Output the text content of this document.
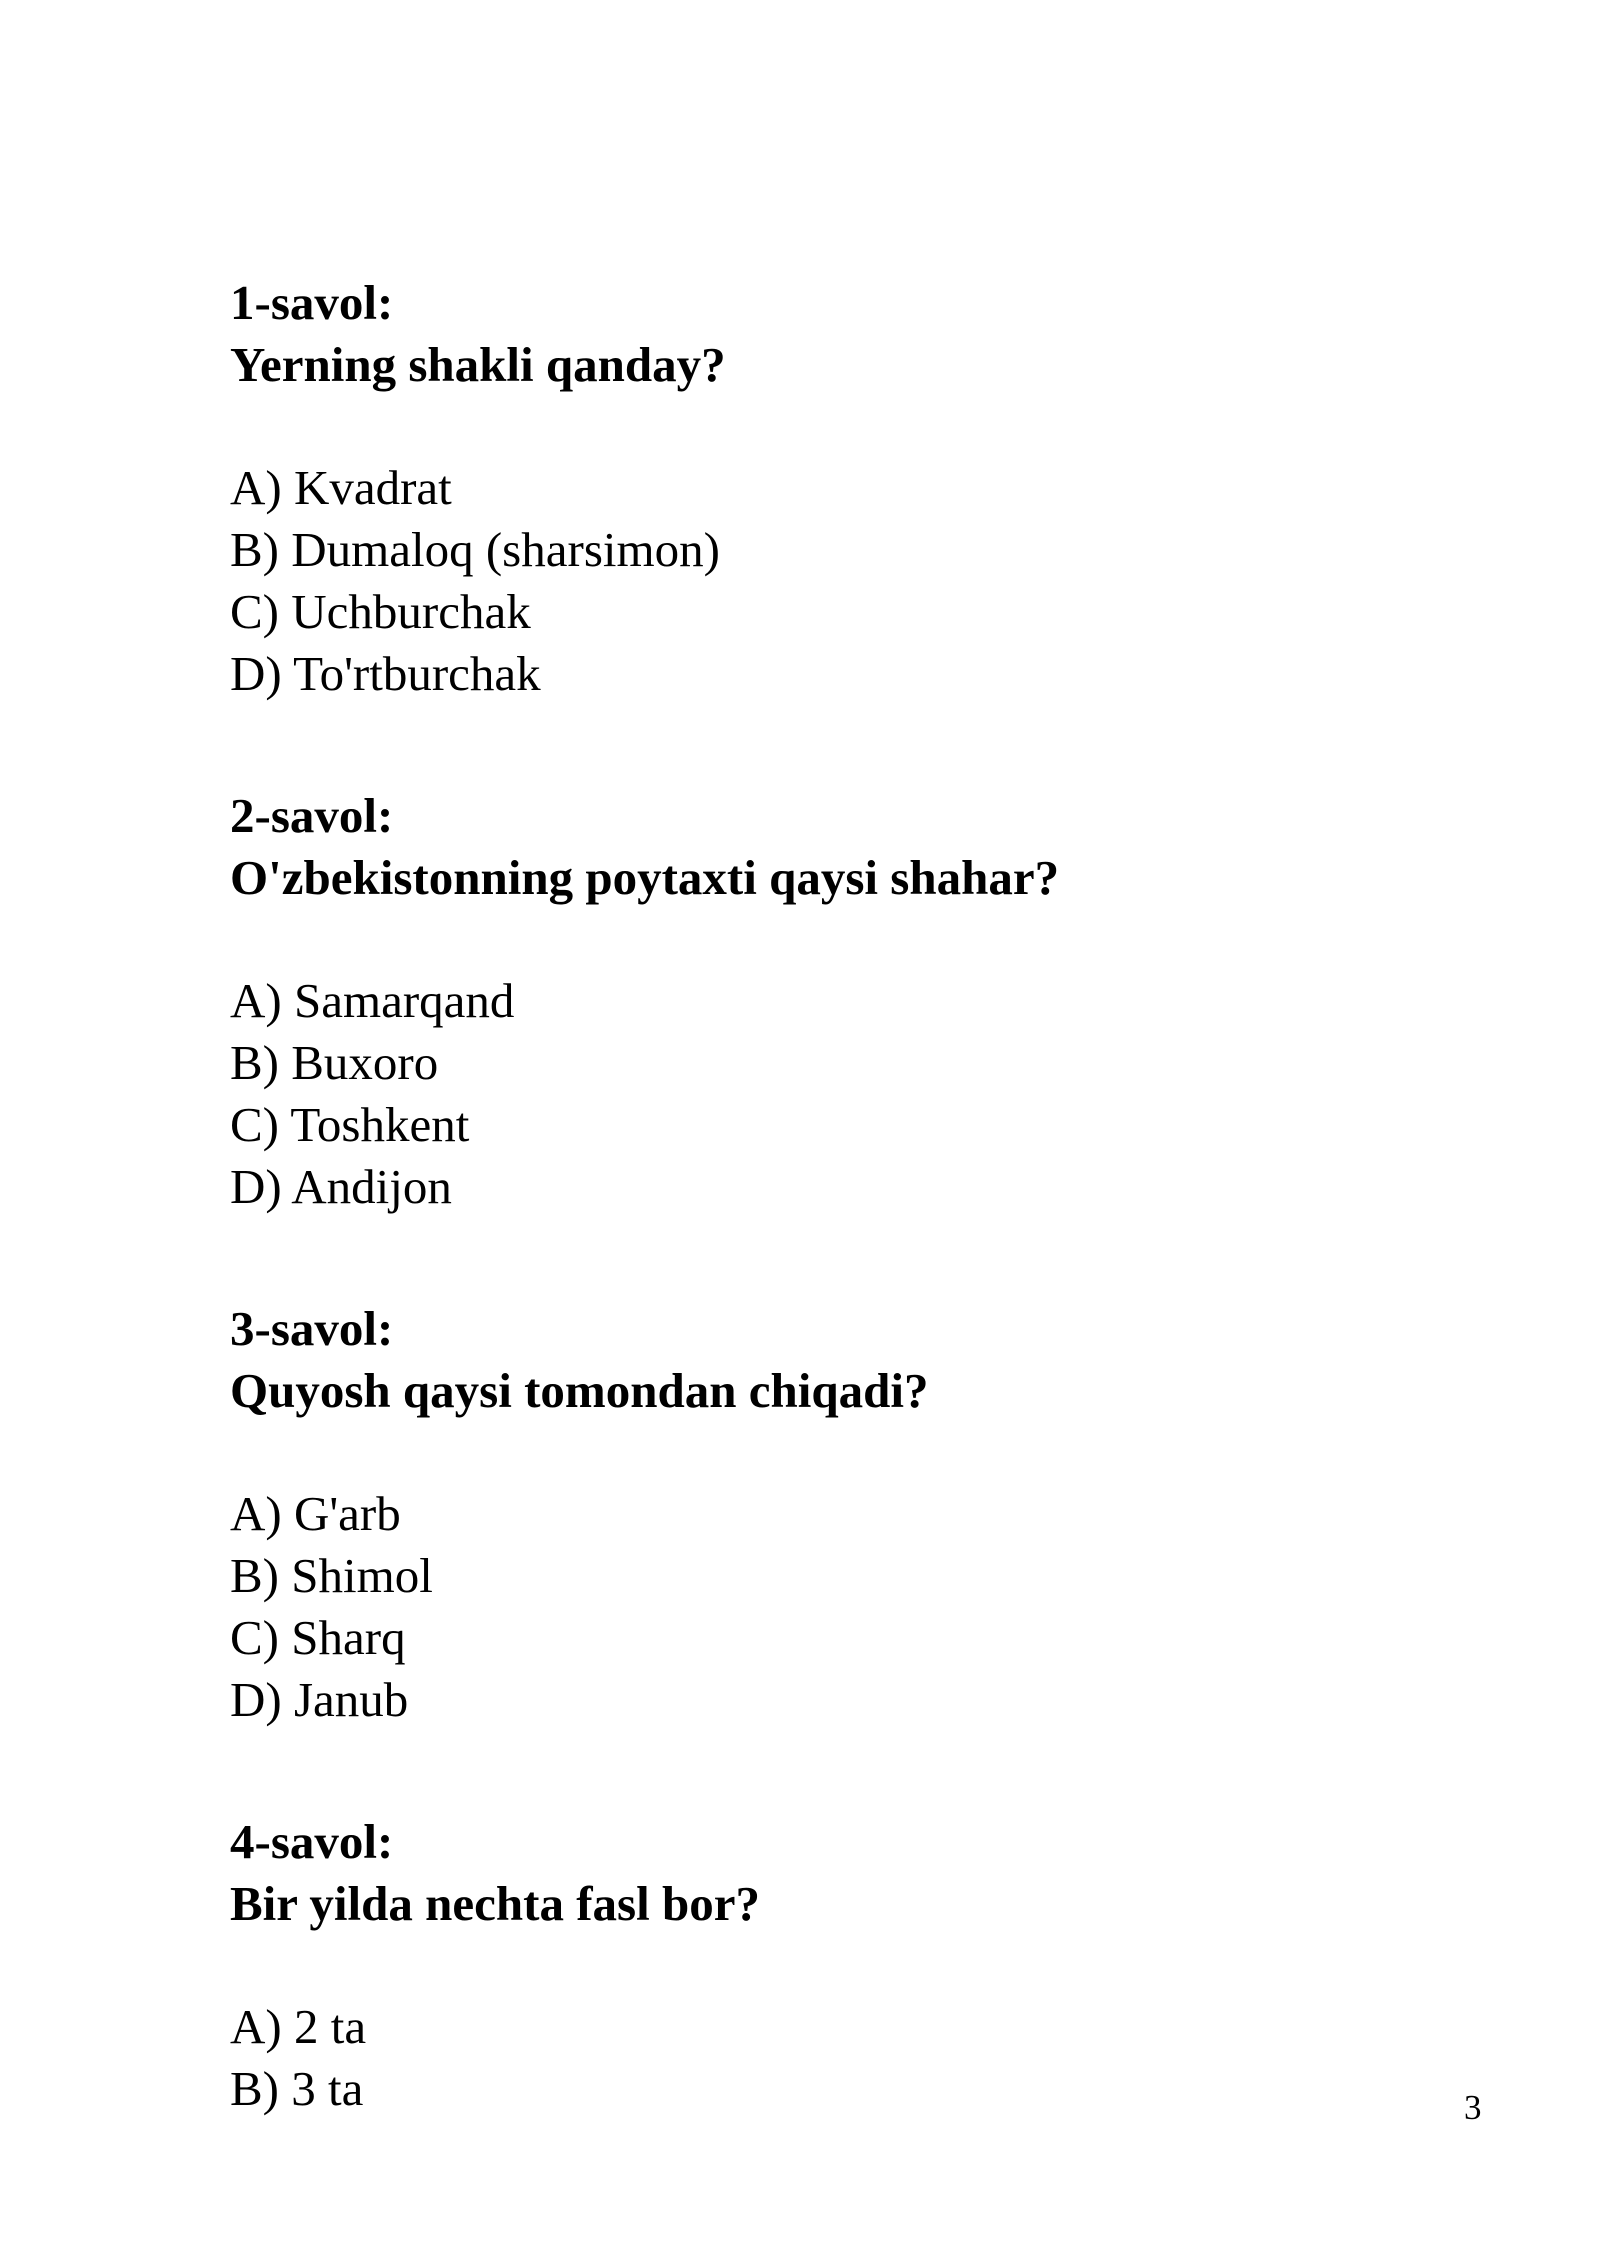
1-savol:
Yerning shakli qanday?
A) Kvadrat
B) Dumaloq (sharsimon)
C) Uchburchak
D) To'rtburchak
2-savol:
O'zbekistonning poytaxti qaysi shahar?
A) Samarqand
B) Buxoro
C) Toshkent
D) Andijon
3-savol:
Quyosh qaysi tomondan chiqadi?
A) G'arb
B) Shimol
C) Sharq
D) Janub
4-savol:
Bir yilda nechta fasl bor?
A) 2 ta
B) 3 ta	3
